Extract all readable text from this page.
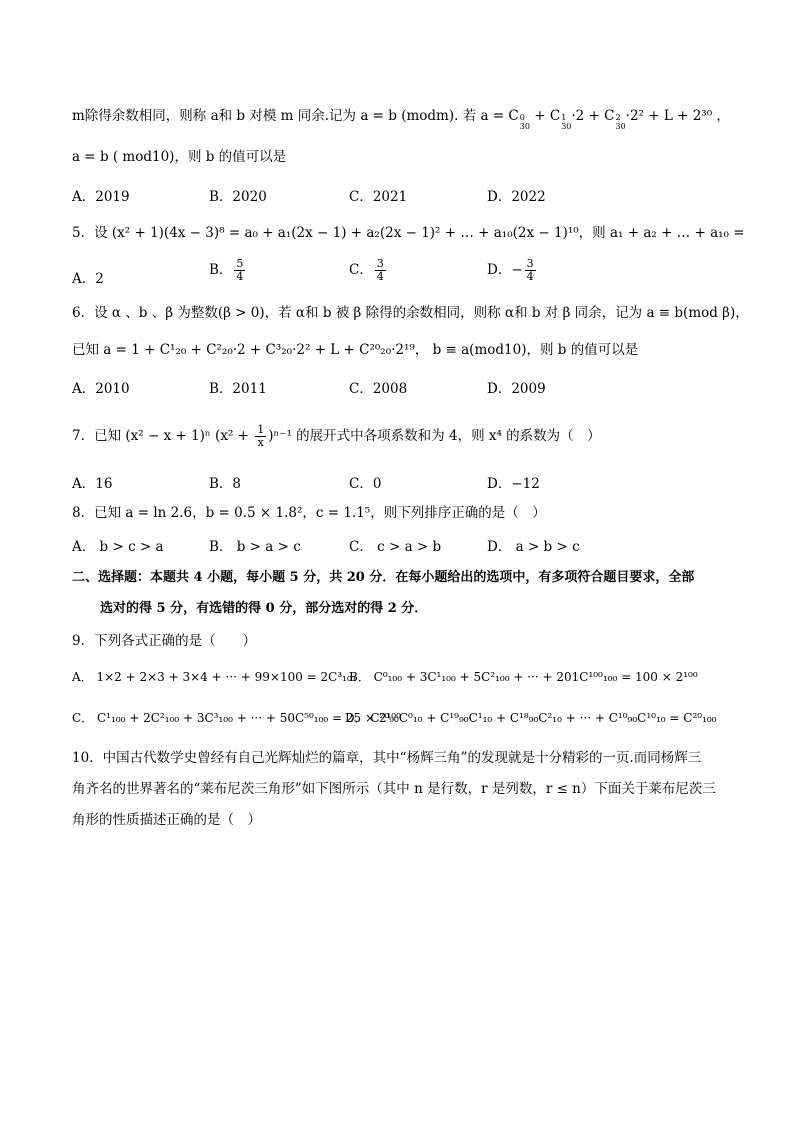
m除得余数相同，则称 a和 b 对模 m 同余.记为 a = b (modm). 若 a = C 0
30
+ C 1
30
·2 + C 2
30
·2² + L + 2³⁰ ，
a = b ( mod10)，则 b 的值可以是
A．2019	B．2020	C．2021	D．2022
5．设 (x² + 1)(4x − 3)⁸ = a₀ + a₁(2x − 1) + a₂(2x − 1)² + … + a₁₀(2x − 1)¹⁰，则 a₁ + a₂ + … + a₁₀ =
A．2
B． $\frac{5}{4}$	C． $\frac{3}{4}$	D．− $\frac{3}{4}$
6．设 α 、b 、β 为整数(β > 0)，若 α和 b 被 β 除得的余数相同，则称 α和 b 对 β 同余，记为 a ≡ b(mod β)，
已知 a = 1 + C¹₂₀ + C²₂₀·2 + C³₂₀·2² + L + C²⁰₂₀·2¹⁹， b ≡ a(mod10)，则 b 的值可以是
A．2010	B．2011	C．2008	D．2009
7．已知 (x² − x + 1)ⁿ $(x^2 + \frac{1}{x} )^{n-1}$ 的展开式中各项系数和为 4，则 x⁴ 的系数为（　）
A．16	B．8	C．0	D．−12
8．已知 a = ln 2.6，b = 0.5 × 1.8²，c = 1.1⁵，则下列排序正确的是（　）
A． b > c > a	B． b > a > c	C． c > a > b	D． a > b > c
二、选择题：本题共 4 小题，每小题 5 分，共 20 分．在每小题给出的选项中，有多项符合题目要求，全部
选对的得 5 分，有选错的得 0 分，部分选对的得 2 分．
9．下列各式正确的是（　　）
A． 1×2 + 2×3 + 3×4 + ··· + 99×100 = 2C³₁₀₁
B． C⁰₁₀₀ + 3C¹₁₀₀ + 5C²₁₀₀ + ··· + 201C¹⁰⁰₁₀₀ = 100 × 2¹⁰⁰
C． C¹₁₀₀ + 2C²₁₀₀ + 3C³₁₀₀ + ··· + 50C⁵⁰₁₀₀ = 25 × 2¹⁰⁰
D． C²⁰₉₀C⁰₁₀ + C¹⁹₉₀C¹₁₀ + C¹⁸₉₀C²₁₀ + ··· + C¹⁰₉₀C¹⁰₁₀ = C²⁰₁₀₀
10．中国古代数学史曾经有自己光辉灿烂的篇章，其中“杨辉三角”的发现就是十分精彩的一页.而同杨辉三
角齐名的世界著名的“莱布尼茨三角形”如下图所示（其中 n 是行数，r 是列数，r ≤ n）下面关于莱布尼茨三
角形的性质描述正确的是（　）
